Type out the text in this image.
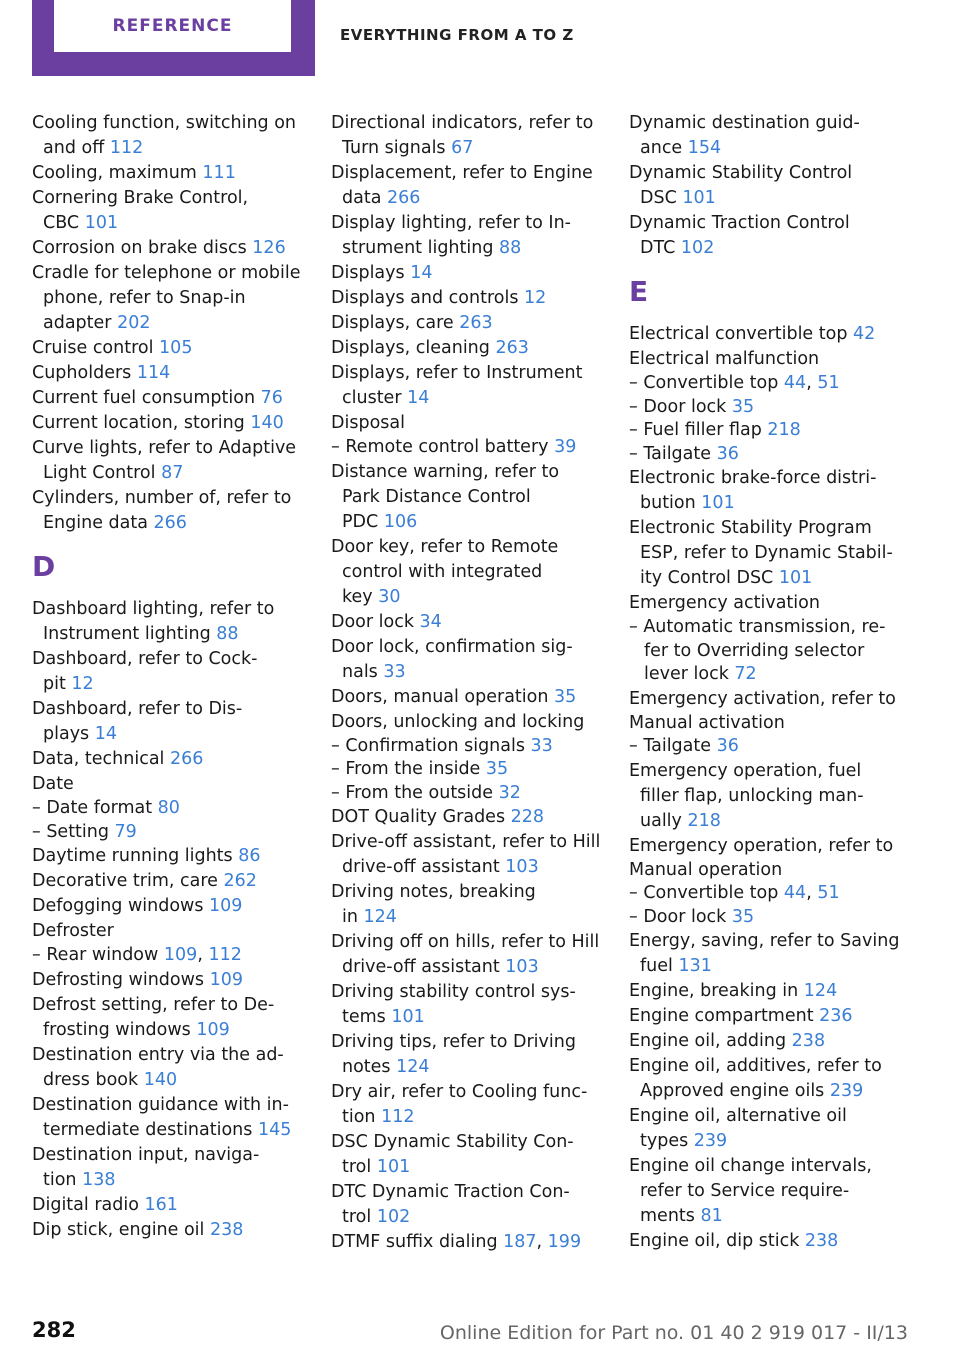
REFERENCE	EVERYTHING FROM A TO Z
Cooling function, switching on
and off 112
Cooling, maximum 111
Cornering Brake Control,
CBC 101
Corrosion on brake discs 126
Cradle for telephone or mobile
phone, refer to Snap-in
adapter 202
Cruise control 105
Cupholders 114
Current fuel consumption 76
Current location, storing 140
Curve lights, refer to Adaptive
Light Control 87
Cylinders, number of, refer to
Engine data 266
D
Dashboard lighting, refer to
Instrument lighting 88
Dashboard, refer to Cock-
pit 12
Dashboard, refer to Dis-
plays 14
Data, technical 266
Date
– Date format 80
– Setting 79
Daytime running lights 86
Decorative trim, care 262
Defogging windows 109
Defroster
– Rear window 109, 112
Defrosting windows 109
Defrost setting, refer to De-
frosting windows 109
Destination entry via the ad-
dress book 140
Destination guidance with in-
termediate destinations 145
Destination input, naviga-
tion 138
Digital radio 161
Dip stick, engine oil 238
Directional indicators, refer to
Turn signals 67
Displacement, refer to Engine
data 266
Display lighting, refer to In-
strument lighting 88
Displays 14
Displays and controls 12
Displays, care 263
Displays, cleaning 263
Displays, refer to Instrument
cluster 14
Disposal
– Remote control battery 39
Distance warning, refer to
Park Distance Control
PDC 106
Door key, refer to Remote
control with integrated
key 30
Door lock 34
Door lock, confirmation sig-
nals 33
Doors, manual operation 35
Doors, unlocking and locking
– Confirmation signals 33
– From the inside 35
– From the outside 32
DOT Quality Grades 228
Drive-off assistant, refer to Hill
drive-off assistant 103
Driving notes, breaking
in 124
Driving off on hills, refer to Hill
drive-off assistant 103
Driving stability control sys-
tems 101
Driving tips, refer to Driving
notes 124
Dry air, refer to Cooling func-
tion 112
DSC Dynamic Stability Con-
trol 101
DTC Dynamic Traction Con-
trol 102
DTMF suffix dialing 187, 199
Dynamic destination guid-
ance 154
Dynamic Stability Control
DSC 101
Dynamic Traction Control
DTC 102
E
Electrical convertible top 42
Electrical malfunction
– Convertible top 44, 51
– Door lock 35
– Fuel filler flap 218
– Tailgate 36
Electronic brake-force distri-
bution 101
Electronic Stability Program
ESP, refer to Dynamic Stabil-
ity Control DSC 101
Emergency activation
– Automatic transmission, re-
fer to Overriding selector
lever lock 72
Emergency activation, refer to
Manual activation
– Tailgate 36
Emergency operation, fuel
filler flap, unlocking man-
ually 218
Emergency operation, refer to
Manual operation
– Convertible top 44, 51
– Door lock 35
Energy, saving, refer to Saving
fuel 131
Engine, breaking in 124
Engine compartment 236
Engine oil, adding 238
Engine oil, additives, refer to
Approved engine oils 239
Engine oil, alternative oil
types 239
Engine oil change intervals,
refer to Service require-
ments 81
Engine oil, dip stick 238
282	Online Edition for Part no. 01 40 2 919 017 - II/13
